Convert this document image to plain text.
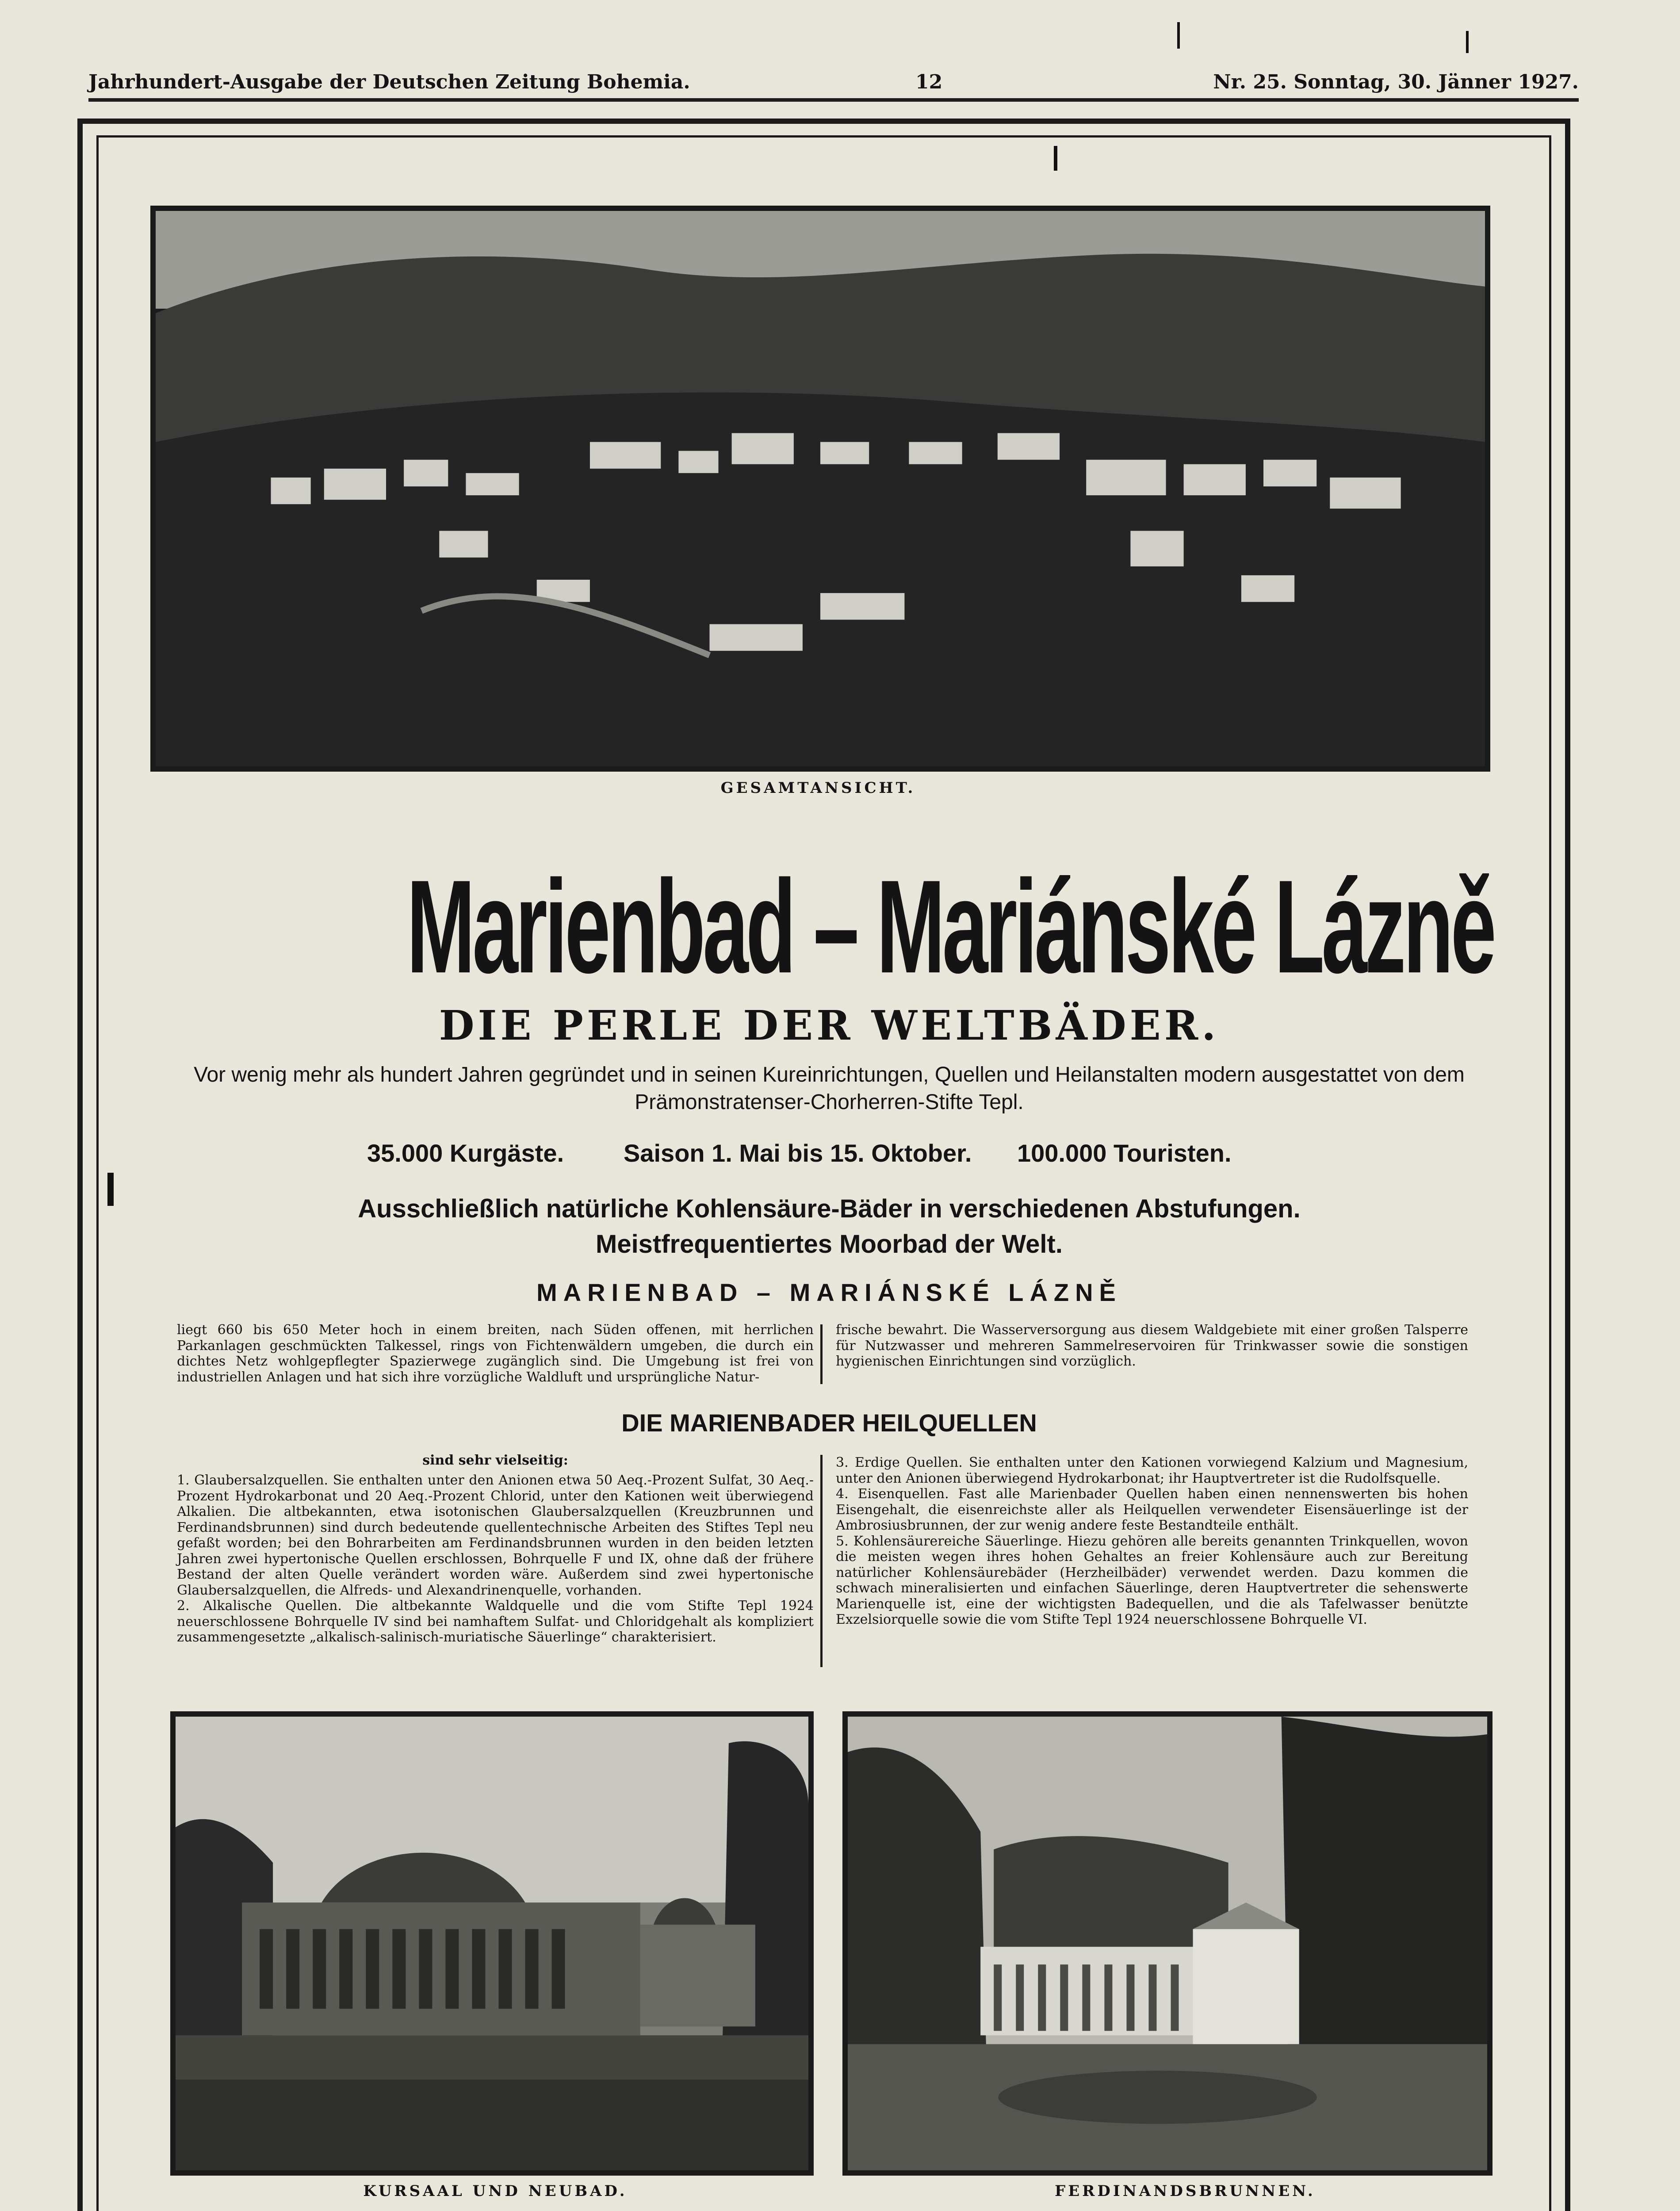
Jahrhundert-Ausgabe der Deutschen Zeitung Bohemia.	12	Nr. 25. Sonntag, 30. Jänner 1927.
GESAMTANSICHT.
Marienbad – Mariánské Lázně
DIE PERLE DER WELTBÄDER.
Vor wenig mehr als hundert Jahren gegründet und in seinen Kureinrichtungen, Quellen und Heilanstalten modern ausgestattet von dem Prämonstratenser-Chorherren-Stifte Tepl.
35.000 Kurgäste. Saison 1. Mai bis 15. Oktober. 100.000 Touristen.
Ausschließlich natürliche Kohlensäure-Bäder in verschiedenen Abstufungen.
Meistfrequentiertes Moorbad der Welt.
MARIENBAD – MARIÁNSKÉ LÁZNĚ

liegt 660 bis 650 Meter hoch in einem breiten, nach Süden offenen, mit herrlichen Parkanlagen geschmückten Talkessel, rings von Fichtenwäldern umgeben, die durch ein dichtes Netz wohlgepflegter Spazierwege zugänglich sind. Die Umgebung ist frei von industriellen Anlagen und hat sich ihre vorzügliche Waldluft und ursprüngliche Natur-

frische bewahrt. Die Wasserversorgung aus diesem Waldgebiete mit einer großen Talsperre für Nutzwasser und mehreren Sammelreservoiren für Trinkwasser sowie die sonstigen hygienischen Einrichtungen sind vorzüglich.

DIE MARIENBADER HEILQUELLEN
sind sehr vielseitig:

1. Glaubersalzquellen. Sie enthalten unter den Anionen etwa 50 Aeq.-Prozent Sulfat, 30 Aeq.-Prozent Hydrokarbonat und 20 Aeq.-Prozent Chlorid, unter den Kationen weit überwiegend Alkalien. Die altbekannten, etwa isotonischen Glaubersalzquellen (Kreuzbrunnen und Ferdinandsbrunnen) sind durch bedeutende quellentechnische Arbeiten des Stiftes Tepl neu gefaßt worden; bei den Bohrarbeiten am Ferdinandsbrunnen wurden in den beiden letzten Jahren zwei hypertonische Quellen erschlossen, Bohrquelle F und IX, ohne daß der frühere Bestand der alten Quelle verändert worden wäre. Außerdem sind zwei hypertonische Glaubersalzquellen, die Alfreds- und Alexandrinenquelle, vorhanden.

2. Alkalische Quellen. Die altbekannte Waldquelle und die vom Stifte Tepl 1924 neuerschlossene Bohrquelle IV sind bei namhaftem Sulfat- und Chloridgehalt als kompliziert zusammengesetzte „alkalisch-salinisch-muriatische Säuerlinge“ charakterisiert.

3. Erdige Quellen. Sie enthalten unter den Kationen vorwiegend Kalzium und Magnesium, unter den Anionen überwiegend Hydrokarbonat; ihr Hauptvertreter ist die Rudolfsquelle.

4. Eisenquellen. Fast alle Marienbader Quellen haben einen nennenswerten bis hohen Eisengehalt, die eisenreichste aller als Heilquellen verwendeter Eisensäuerlinge ist der Ambrosiusbrunnen, der zur wenig andere feste Bestandteile enthält.

5. Kohlensäurereiche Säuerlinge. Hiezu gehören alle bereits genannten Trinkquellen, wovon die meisten wegen ihres hohen Gehaltes an freier Kohlensäure auch zur Bereitung natürlicher Kohlensäurebäder (Herzheilbäder) verwendet werden. Dazu kommen die schwach mineralisierten und einfachen Säuerlinge, deren Hauptvertreter die sehenswerte Marienquelle ist, eine der wichtigsten Badequellen, und die als Tafelwasser benützte Exzelsiorquelle sowie die vom Stifte Tepl 1924 neuerschlossene Bohrquelle VI.

KURSAAL UND NEUBAD.	FERDINANDSBRUNNEN.
